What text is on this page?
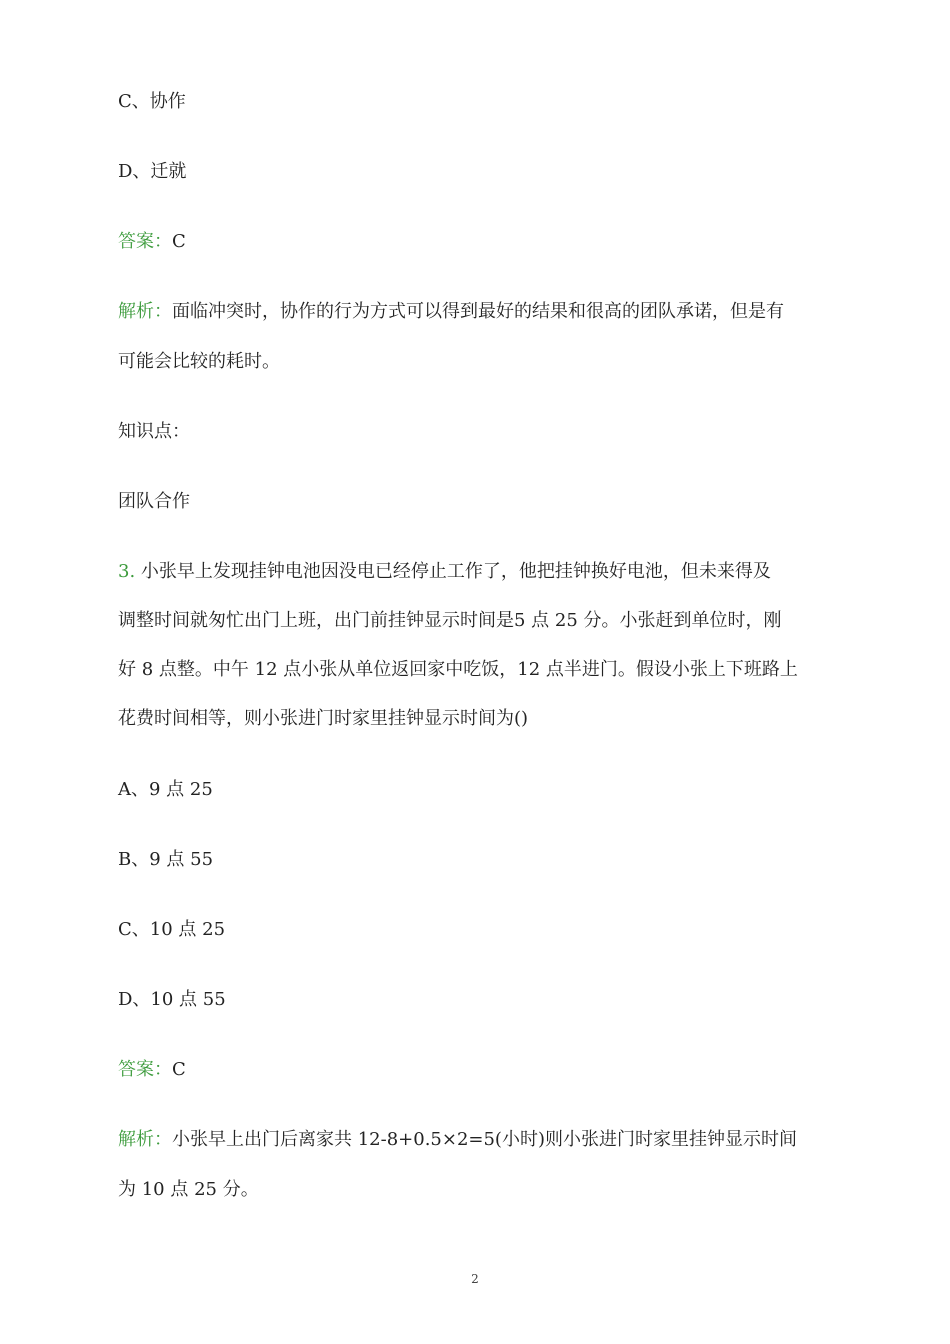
C、协作
D、迁就
答案：C
解析：面临冲突时，协作的行为方式可以得到最好的结果和很高的团队承诺，但是有
可能会比较的耗时。
知识点：
团队合作
3. 小张早上发现挂钟电池因没电已经停止工作了，他把挂钟换好电池，但未来得及
调整时间就匆忙出门上班，出门前挂钟显示时间是5 点 25 分。小张赶到单位时，刚
好 8 点整。中午 12 点小张从单位返回家中吃饭，12 点半进门。假设小张上下班路上
花费时间相等，则小张进门时家里挂钟显示时间为()
A、9 点 25
B、9 点 55
C、10 点 25
D、10 点 55
答案：C
解析：小张早上出门后离家共 12-8+0.5×2=5(小时)则小张进门时家里挂钟显示时间
为 10 点 25 分。
2
